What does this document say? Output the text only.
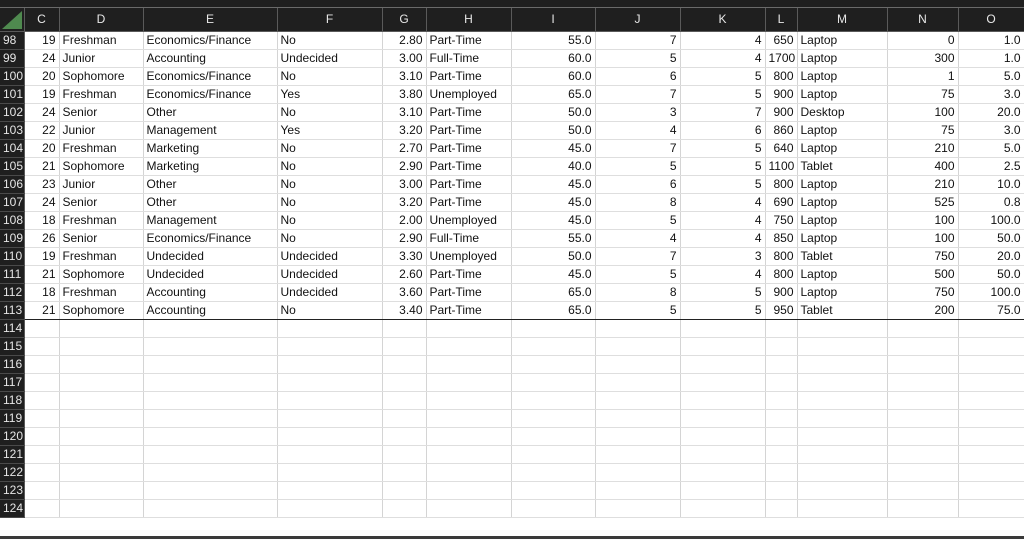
	C	D	E	F	G	H	I	J	K	L	M	N	O
98	19	Freshman	Economics/Finance	No	2.80	Part-Time	55.0	7	4	650	Laptop	0	1.0
99	24	Junior	Accounting	Undecided	3.00	Full-Time	60.0	5	4	1700	Laptop	300	1.0
100	20	Sophomore	Economics/Finance	No	3.10	Part-Time	60.0	6	5	800	Laptop	1	5.0
101	19	Freshman	Economics/Finance	Yes	3.80	Unemployed	65.0	7	5	900	Laptop	75	3.0
102	24	Senior	Other	No	3.10	Part-Time	50.0	3	7	900	Desktop	100	20.0
103	22	Junior	Management	Yes	3.20	Part-Time	50.0	4	6	860	Laptop	75	3.0
104	20	Freshman	Marketing	No	2.70	Part-Time	45.0	7	5	640	Laptop	210	5.0
105	21	Sophomore	Marketing	No	2.90	Part-Time	40.0	5	5	1100	Tablet	400	2.5
106	23	Junior	Other	No	3.00	Part-Time	45.0	6	5	800	Laptop	210	10.0
107	24	Senior	Other	No	3.20	Part-Time	45.0	8	4	690	Laptop	525	0.8
108	18	Freshman	Management	No	2.00	Unemployed	45.0	5	4	750	Laptop	100	100.0
109	26	Senior	Economics/Finance	No	2.90	Full-Time	55.0	4	4	850	Laptop	100	50.0
110	19	Freshman	Undecided	Undecided	3.30	Unemployed	50.0	7	3	800	Tablet	750	20.0
111	21	Sophomore	Undecided	Undecided	2.60	Part-Time	45.0	5	4	800	Laptop	500	50.0
112	18	Freshman	Accounting	Undecided	3.60	Part-Time	65.0	8	5	900	Laptop	750	100.0
113	21	Sophomore	Accounting	No	3.40	Part-Time	65.0	5	5	950	Tablet	200	75.0
114													
115													
116													
117													
118													
119													
120													
121													
122													
123													
124													
